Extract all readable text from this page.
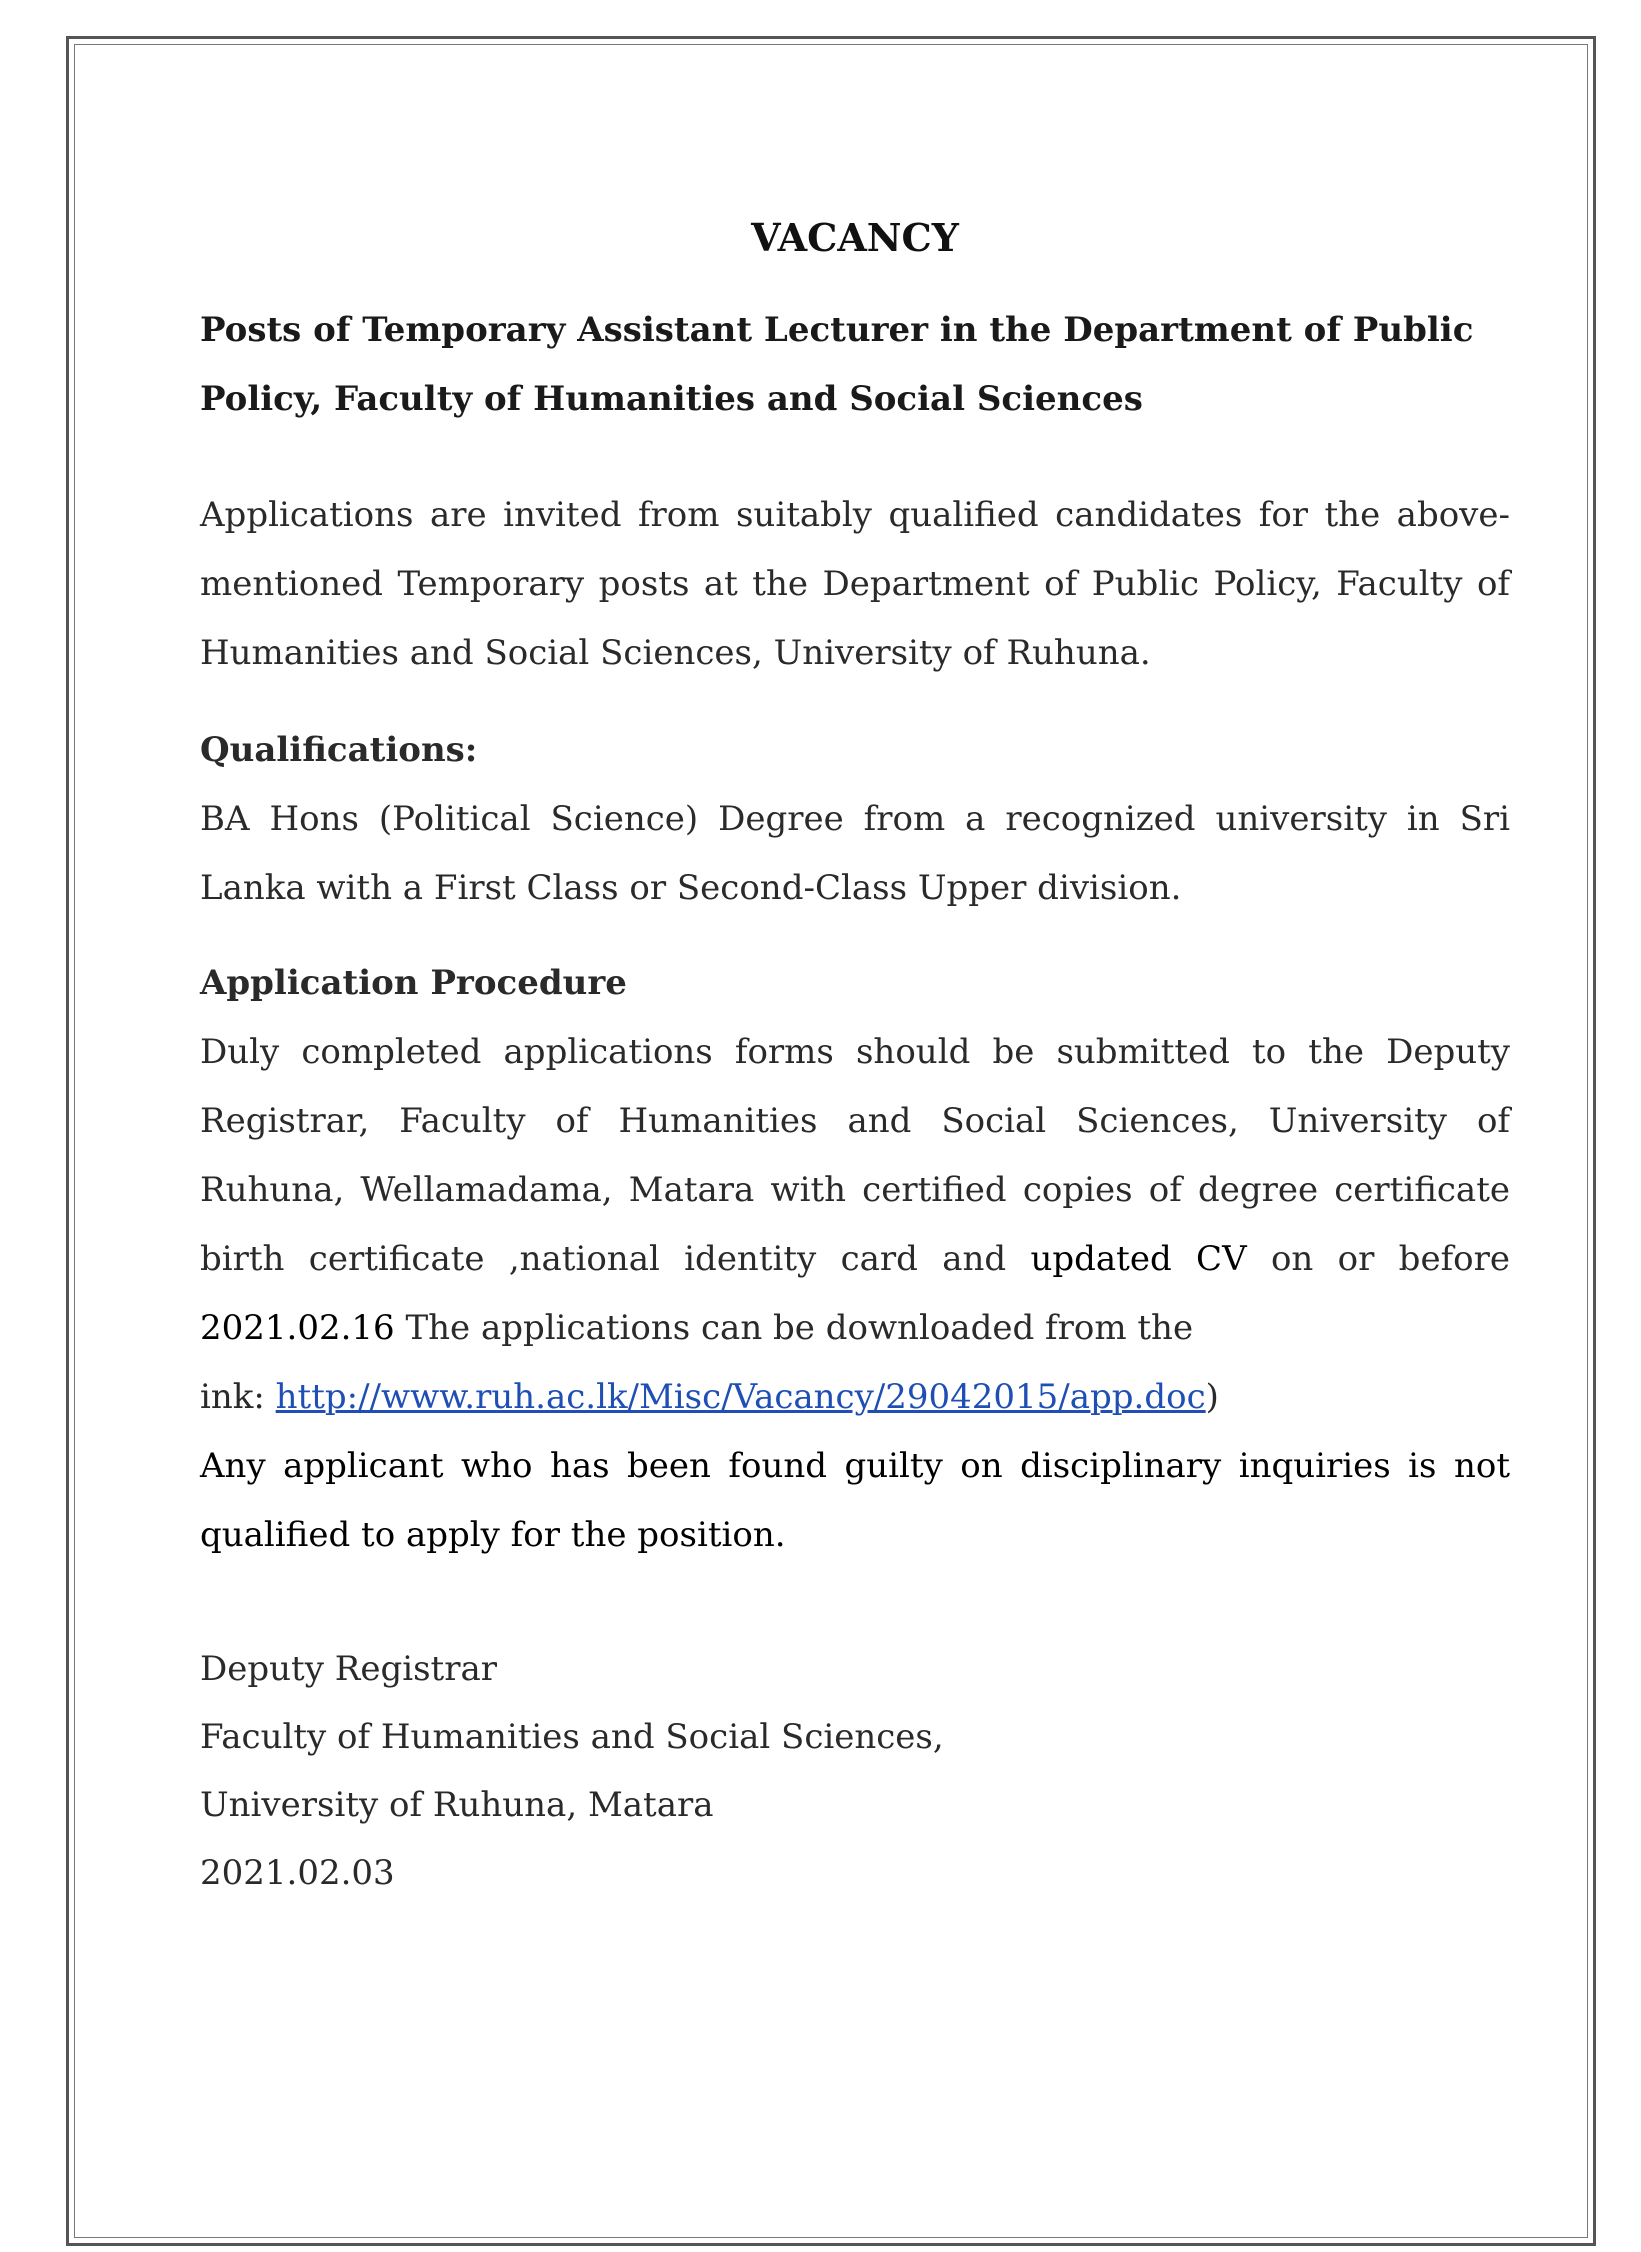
VACANCY

Posts of Temporary Assistant Lecturer in the Department of Public Policy, Faculty of Humanities and Social Sciences

Applications are invited from suitably qualified candidates for the above-mentioned Temporary posts at the Department of Public Policy, Faculty of Humanities and Social Sciences, University of Ruhuna.

Qualifications:

BA Hons (Political Science) Degree from a recognized university in Sri Lanka with a First Class or Second-Class Upper division.

Application Procedure

Duly completed applications forms should be submitted to the Deputy Registrar, Faculty of Humanities and Social Sciences, University of Ruhuna, Wellamadama, Matara with certified copies of degree certificate birth certificate ,national identity card and updated CV on or before 2021.02.16 The applications can be downloaded from the

ink: http://www.ruh.ac.lk/Misc/Vacancy/29042015/app.doc)

Any applicant who has been found guilty on disciplinary inquiries is not qualified to apply for the position.

Deputy Registrar
Faculty of Humanities and Social Sciences,
University of Ruhuna, Matara
2021.02.03
